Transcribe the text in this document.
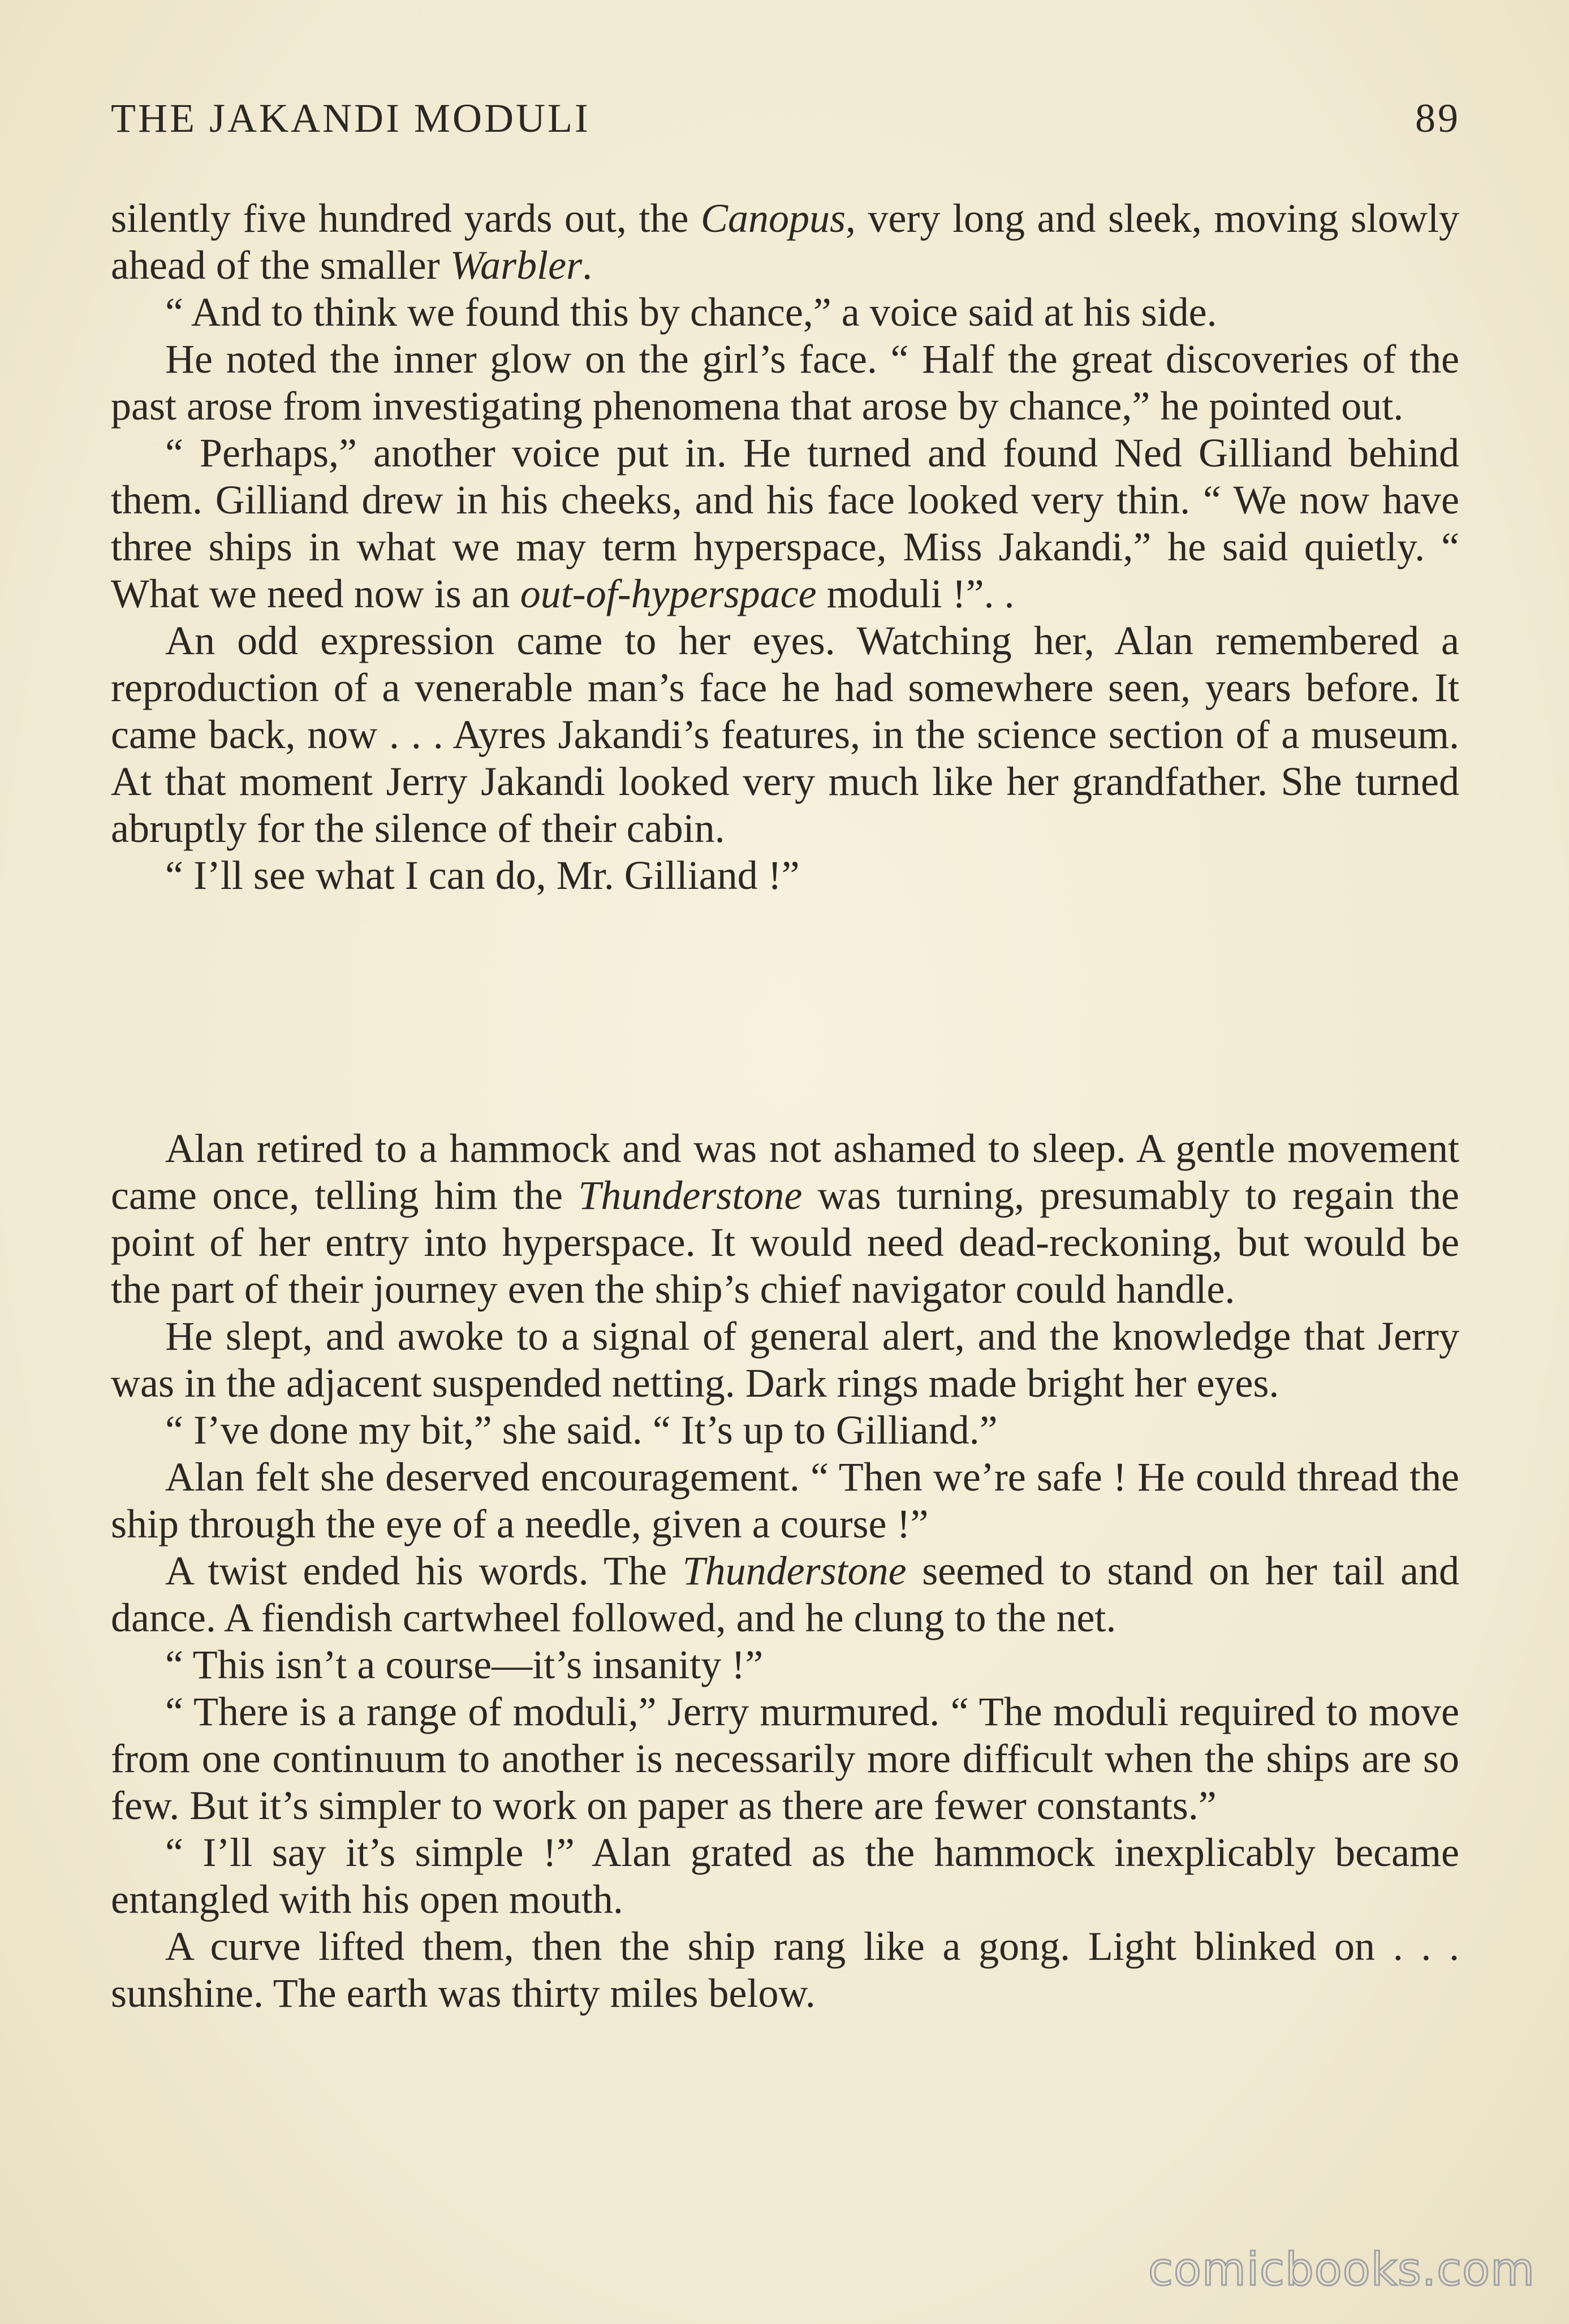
THE JAKANDI MODULI	89

silently five hundred yards out, the Canopus, very long and sleek, moving slowly ahead of the smaller Warbler.

“ And to think we found this by chance,” a voice said at his side.

He noted the inner glow on the girl’s face. “ Half the great discoveries of the past arose from investigating phenomena that arose by chance,” he pointed out.

“ Perhaps,” another voice put in. He turned and found Ned Gilliand behind them. Gilliand drew in his cheeks, and his face looked very thin. “ We now have three ships in what we may term hyperspace, Miss Jakandi,” he said quietly. “ What we need now is an out-of-hyperspace moduli !”. .

An odd expression came to her eyes. Watching her, Alan remembered a reproduction of a venerable man’s face he had somewhere seen, years before. It came back, now . . . Ayres Jakandi’s features, in the science section of a museum. At that moment Jerry Jakandi looked very much like her grandfather. She turned abruptly for the silence of their cabin.

“ I’ll see what I can do, Mr. Gilliand !”

Alan retired to a hammock and was not ashamed to sleep. A gentle movement came once, telling him the Thunderstone was turning, presumably to regain the point of her entry into hyperspace. It would need dead-reckoning, but would be the part of their journey even the ship’s chief navigator could handle.

He slept, and awoke to a signal of general alert, and the knowledge that Jerry was in the adjacent suspended netting. Dark rings made bright her eyes.

“ I’ve done my bit,” she said. “ It’s up to Gilliand.”

Alan felt she deserved encouragement. “ Then we’re safe ! He could thread the ship through the eye of a needle, given a course !”

A twist ended his words. The Thunderstone seemed to stand on her tail and dance. A fiendish cartwheel followed, and he clung to the net.

“ This isn’t a course—it’s insanity !”

“ There is a range of moduli,” Jerry murmured. “ The moduli required to move from one continuum to another is necessarily more difficult when the ships are so few. But it’s simpler to work on paper as there are fewer constants.”

“ I’ll say it’s simple !” Alan grated as the hammock inexplicably became entangled with his open mouth.

A curve lifted them, then the ship rang like a gong. Light blinked on . . . sunshine. The earth was thirty miles below.

comicbooks.com
